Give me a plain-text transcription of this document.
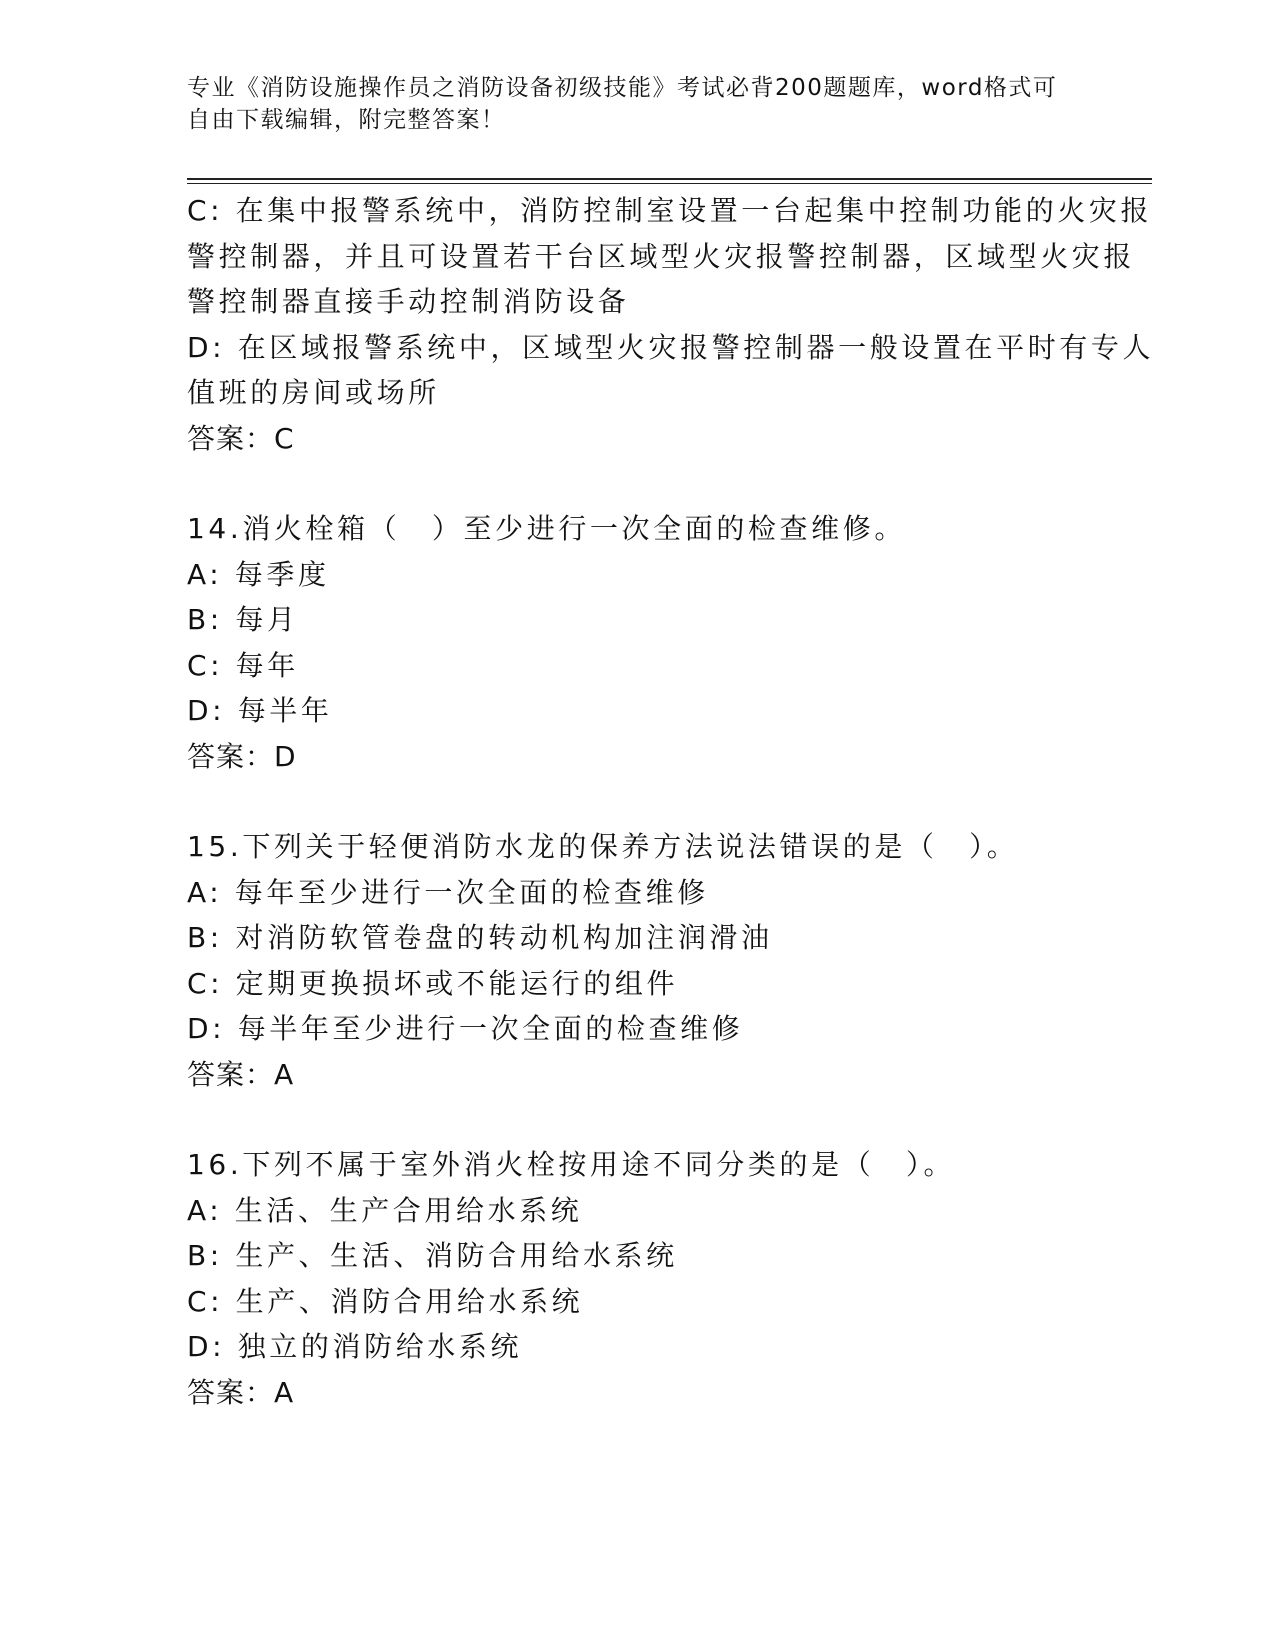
专业《消防设施操作员之消防设备初级技能》考试必背200题题库，word格式可
自由下载编辑，附完整答案！
C: 在集中报警系统中，消防控制室设置一台起集中控制功能的火灾报
警控制器，并且可设置若干台区域型火灾报警控制器，区域型火灾报
警控制器直接手动控制消防设备
D: 在区域报警系统中，区域型火灾报警控制器一般设置在平时有专人
值班的房间或场所
答案：C
14.消火栓箱（　）至少进行一次全面的检查维修。
A: 每季度
B: 每月
C: 每年
D: 每半年
答案：D
15.下列关于轻便消防水龙的保养方法说法错误的是（　）。
A: 每年至少进行一次全面的检查维修
B: 对消防软管卷盘的转动机构加注润滑油
C: 定期更换损坏或不能运行的组件
D: 每半年至少进行一次全面的检查维修
答案：A
16.下列不属于室外消火栓按用途不同分类的是（　）。
A: 生活、生产合用给水系统
B: 生产、生活、消防合用给水系统
C: 生产、消防合用给水系统
D: 独立的消防给水系统
答案：A
